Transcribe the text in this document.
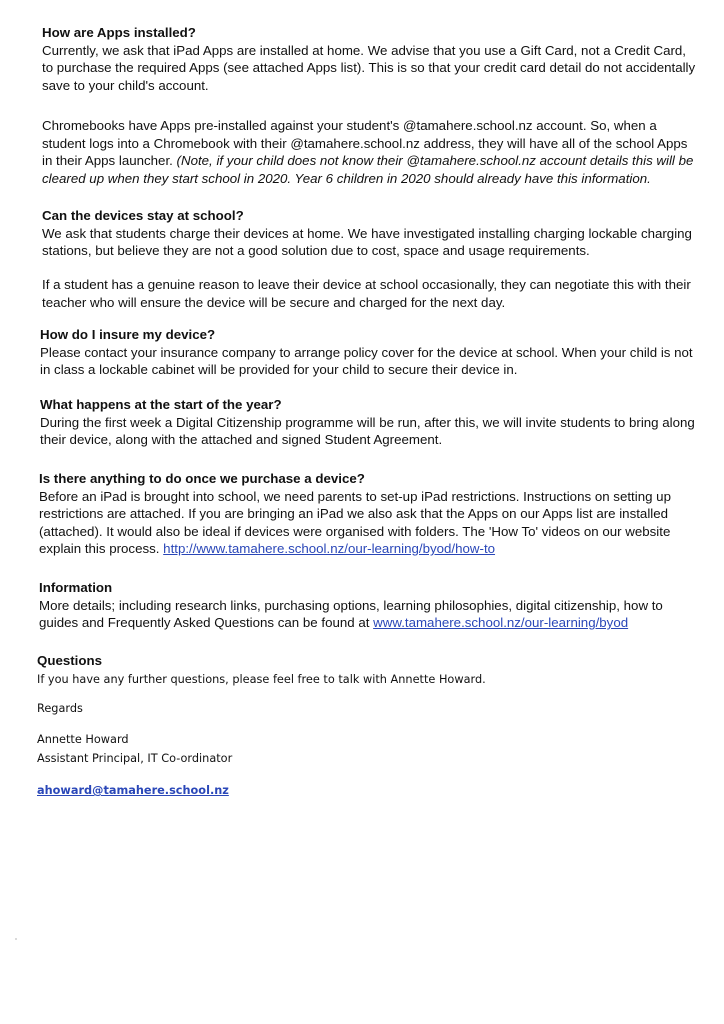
How are Apps installed?

Currently, we ask that iPad Apps are installed at home. We advise that you use a Gift Card, not a Credit Card,
to purchase the required Apps (see attached Apps list). This is so that your credit card detail do not accidentally
save to your child's account.

Chromebooks have Apps pre-installed against your student's @tamahere.school.nz account. So, when a
student logs into a Chromebook with their @tamahere.school.nz address, they will have all of the school Apps
in their Apps launcher. (Note, if your child does not know their @tamahere.school.nz account details this will be
cleared up when they start school in 2020. Year 6 children in 2020 should already have this information.

Can the devices stay at school?

We ask that students charge their devices at home. We have investigated installing charging lockable charging
stations, but believe they are not a good solution due to cost, space and usage requirements.

If a student has a genuine reason to leave their device at school occasionally, they can negotiate this with their
teacher who will ensure the device will be secure and charged for the next day.

How do I insure my device?

Please contact your insurance company to arrange policy cover for the device at school. When your child is not
in class a lockable cabinet will be provided for your child to secure their device in.

What happens at the start of the year?

During the first week a Digital Citizenship programme will be run, after this, we will invite students to bring along
their device, along with the attached and signed Student Agreement.

Is there anything to do once we purchase a device?

Before an iPad is brought into school, we need parents to set-up iPad restrictions. Instructions on setting up
restrictions are attached. If you are bringing an iPad we also ask that the Apps on our Apps list are installed
(attached). It would also be ideal if devices were organised with folders. The 'How To' videos on our website
explain this process. http://www.tamahere.school.nz/our-learning/byod/how-to

Information

More details; including research links, purchasing options, learning philosophies, digital citizenship, how to
guides and Frequently Asked Questions can be found at www.tamahere.school.nz/our-learning/byod

Questions

If you have any further questions, please feel free to talk with Annette Howard.

Regards

Annette Howard

Assistant Principal, IT Co-ordinator

ahoward@tamahere.school.nz
